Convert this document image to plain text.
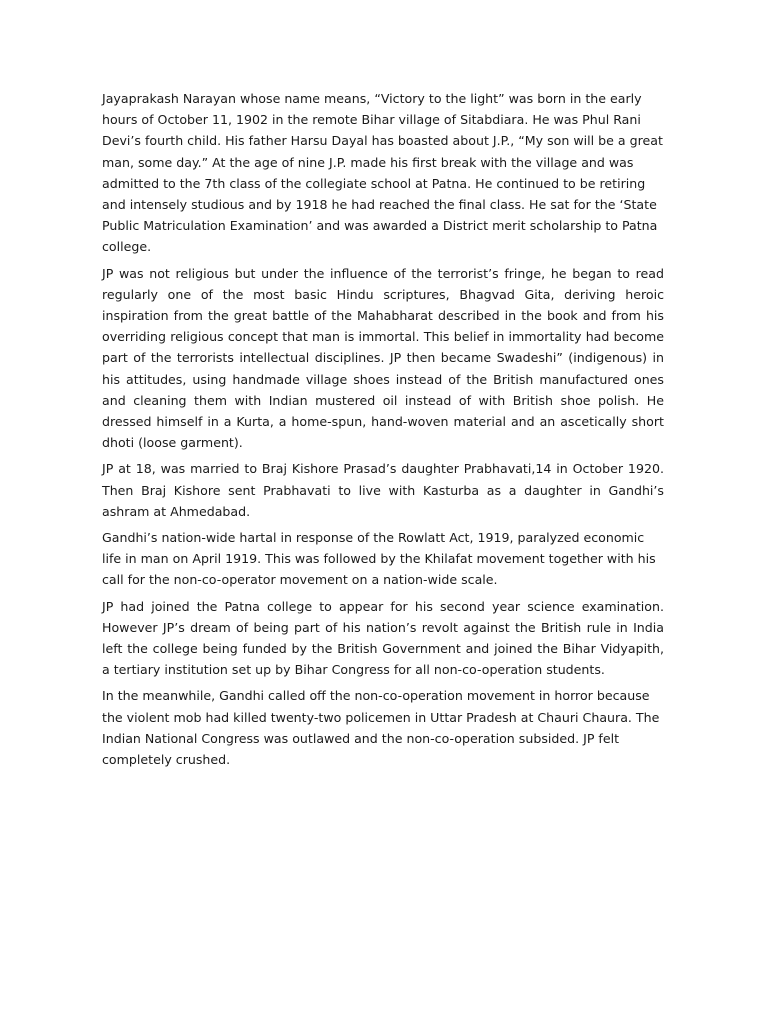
Jayaprakash Narayan whose name means, “Victory to the light” was born in the early hours of October 11, 1902 in the remote Bihar village of Sitabdiara. He was Phul Rani Devi’s fourth child. His father Harsu Dayal has boasted about J.P., “My son will be a great man, some day.” At the age of nine J.P. made his first break with the village and was admitted to the 7th class of the collegiate school at Patna. He continued to be retiring and intensely studious and by 1918 he had reached the final class. He sat for the ‘State Public Matriculation Examination’ and was awarded a District merit scholarship to Patna college.

JP was not religious but under the influence of the terrorist’s fringe, he began to read regularly one of the most basic Hindu scriptures, Bhagvad Gita, deriving heroic inspiration from the great battle of the Mahabharat described in the book and from his overriding religious concept that man is immortal. This belief in immortality had become part of the terrorists intellectual disciplines. JP then became Swadeshi” (indigenous) in his attitudes, using handmade village shoes instead of the British manufactured ones and cleaning them with Indian mustered oil instead of with British shoe polish. He dressed himself in a Kurta, a home-spun, hand-woven material and an ascetically short dhoti (loose garment).

JP at 18, was married to Braj Kishore Prasad’s daughter Prabhavati,14 in October 1920. Then Braj Kishore sent Prabhavati to live with Kasturba as a daughter in Gandhi’s ashram at Ahmedabad.

Gandhi’s nation-wide hartal in response of the Rowlatt Act, 1919, paralyzed economic life in man on April 1919. This was followed by the Khilafat movement together with his call for the non-co-operator movement on a nation-wide scale.

JP had joined the Patna college to appear for his second year science examination. However JP’s dream of being part of his nation’s revolt against the British rule in India left the college being funded by the British Government and joined the Bihar Vidyapith, a tertiary institution set up by Bihar Congress for all non-co-operation students.

In the meanwhile, Gandhi called off the non-co-operation movement in horror because the violent mob had killed twenty-two policemen in Uttar Pradesh at Chauri Chaura. The Indian National Congress was outlawed and the non-co-operation subsided. JP felt completely crushed.
